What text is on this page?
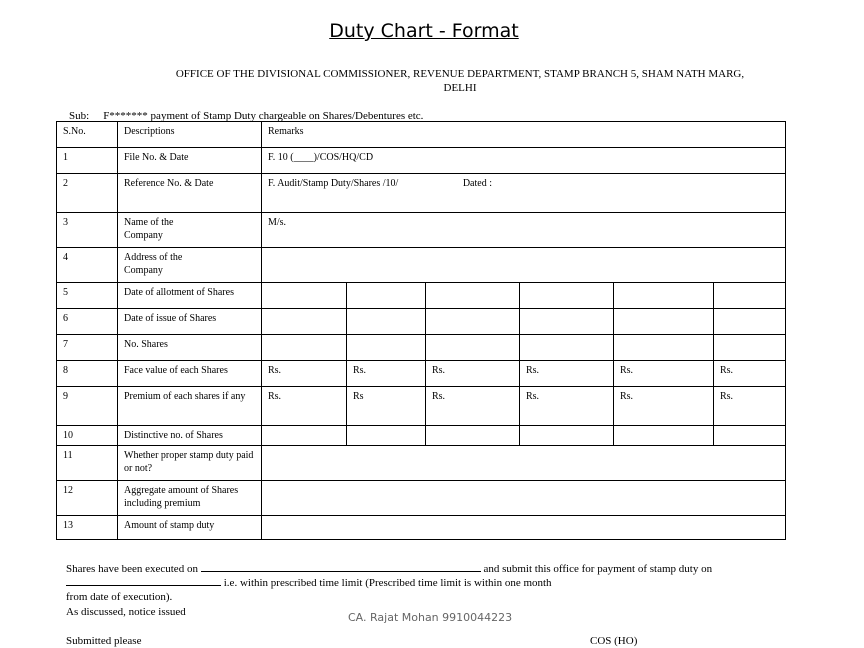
Duty Chart - Format
OFFICE OF THE DIVISIONAL COMMISSIONER, REVENUE DEPARTMENT, STAMP BRANCH 5, SHAM NATH MARG,
DELHI
Sub: F******* payment of Stamp Duty chargeable on Shares/Debentures etc.
S.No.	Descriptions	Remarks					
1	File No. & Date	F. 10 (____)/COS/HQ/CD					
2	Reference No. & Date	F. Audit/Stamp Duty/Shares /10/ Dated :					
3	Name of the Company	M/s.					
4	Address of the Company						
5	Date of allotment of Shares						
6	Date of issue of Shares						
7	No. Shares						
8	Face value of each Shares	Rs.	Rs.	Rs.	Rs.	Rs.	Rs.
9	Premium of each shares if any	Rs.	Rs	Rs.	Rs.	Rs.	Rs.
10	Distinctive no. of Shares						
11	Whether proper stamp duty paid or not?						
12	Aggregate amount of Shares including premium						
13	Amount of stamp duty						
Shares have been executed on	and submit this office for payment of stamp duty on
i.e. within prescribed time limit (Prescribed time limit is within one month
from date of execution).
As discussed, notice issued	CA. Rajat Mohan 9910044223
Submitted please	COS (HO)
